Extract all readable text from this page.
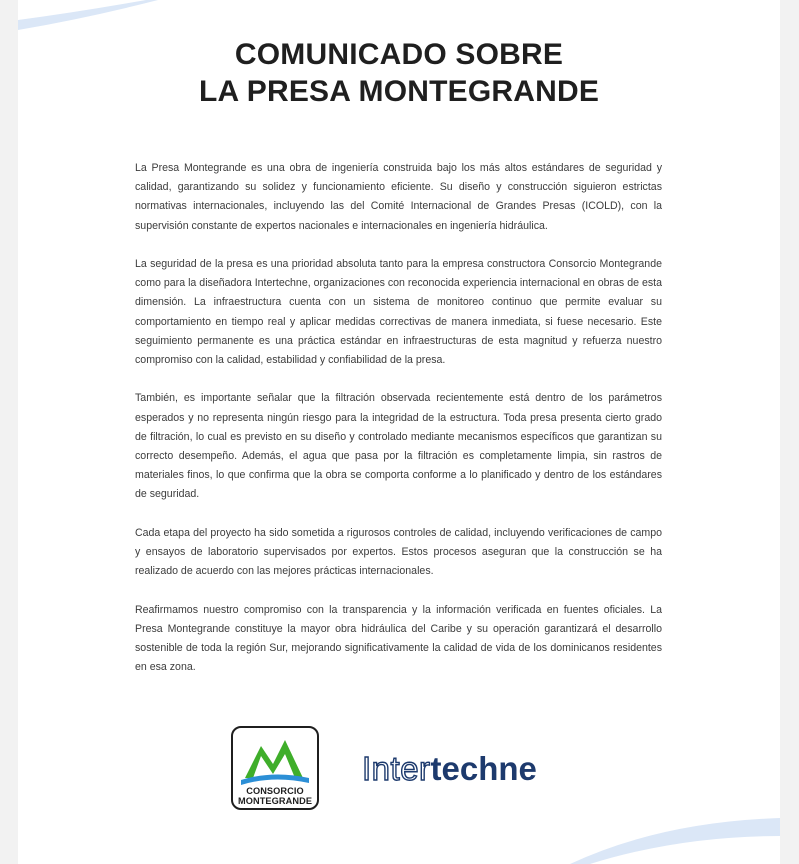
COMUNICADO SOBRE
LA PRESA MONTEGRANDE

La Presa Montegrande es una obra de ingeniería construida bajo los más altos estándares de seguridad y calidad, garantizando su solidez y funcionamiento eficiente. Su diseño y construcción siguieron estrictas normativas internacionales, incluyendo las del Comité Internacional de Grandes Presas (ICOLD), con la supervisión constante de expertos nacionales e internacionales en ingeniería hidráulica.

La seguridad de la presa es una prioridad absoluta tanto para la empresa constructora Consorcio Montegrande como para la diseñadora Intertechne, organizaciones con reconocida experiencia internacional en obras de esta dimensión. La infraestructura cuenta con un sistema de monitoreo continuo que permite evaluar su comportamiento en tiempo real y aplicar medidas correctivas de manera inmediata, si fuese necesario. Este seguimiento permanente es una práctica estándar en infraestructuras de esta magnitud y refuerza nuestro compromiso con la calidad, estabilidad y confiabilidad de la presa.

También, es importante señalar que la filtración observada recientemente está dentro de los parámetros esperados y no representa ningún riesgo para la integridad de la estructura. Toda presa presenta cierto grado de filtración, lo cual es previsto en su diseño y controlado mediante mecanismos específicos que garantizan su correcto desempeño. Además, el agua que pasa por la filtración es completamente limpia, sin rastros de materiales finos, lo que confirma que la obra se comporta conforme a lo planificado y dentro de los estándares de seguridad.

Cada etapa del proyecto ha sido sometida a rigurosos controles de calidad, incluyendo verificaciones de campo y ensayos de laboratorio supervisados por expertos. Estos procesos aseguran que la construcción se ha realizado de acuerdo con las mejores prácticas internacionales.

Reafirmamos nuestro compromiso con la transparencia y la información verificada en fuentes oficiales. La Presa Montegrande constituye la mayor obra hidráulica del Caribe y su operación garantizará el desarrollo sostenible de toda la región Sur, mejorando significativamente la calidad de vida de los dominicanos residentes en esa zona.

CONSORCIO
MONTEGRANDE
Intertechne
